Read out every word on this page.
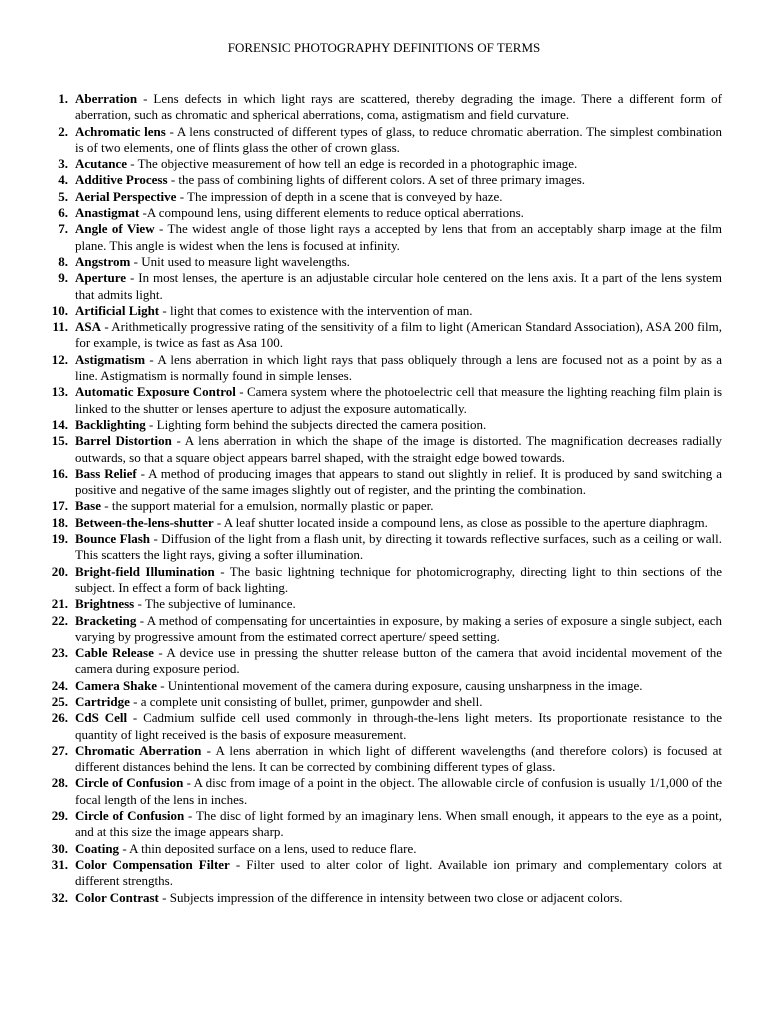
FORENSIC PHOTOGRAPHY DEFINITIONS OF TERMS
1. Aberration - Lens defects in which light rays are scattered, thereby degrading the image. There a different form of aberration, such as chromatic and spherical aberrations, coma, astigmatism and field curvature.
2. Achromatic lens - A lens constructed of different types of glass, to reduce chromatic aberration. The simplest combination is of two elements, one of flints glass the other of crown glass.
3. Acutance - The objective measurement of how tell an edge is recorded in a photographic image.
4. Additive Process - the pass of combining lights of different colors. A set of three primary images.
5. Aerial Perspective - The impression of depth in a scene that is conveyed by haze.
6. Anastigmat -A compound lens, using different elements to reduce optical aberrations.
7. Angle of View - The widest angle of those light rays a accepted by lens that from an acceptably sharp image at the film plane. This angle is widest when the lens is focused at infinity.
8. Angstrom - Unit used to measure light wavelengths.
9. Aperture - In most lenses, the aperture is an adjustable circular hole centered on the lens axis. It a part of the lens system that admits light.
10. Artificial Light - light that comes to existence with the intervention of man.
11. ASA - Arithmetically progressive rating of the sensitivity of a film to light (American Standard Association), ASA 200 film, for example, is twice as fast as Asa 100.
12. Astigmatism - A lens aberration in which light rays that pass obliquely through a lens are focused not as a point by as a line. Astigmatism is normally found in simple lenses.
13. Automatic Exposure Control - Camera system where the photoelectric cell that measure the lighting reaching film plain is linked to the shutter or lenses aperture to adjust the exposure automatically.
14. Backlighting - Lighting form behind the subjects directed the camera position.
15. Barrel Distortion - A lens aberration in which the shape of the image is distorted. The magnification decreases radially outwards, so that a square object appears barrel shaped, with the straight edge bowed towards.
16. Bass Relief - A method of producing images that appears to stand out slightly in relief. It is produced by sand switching a positive and negative of the same images slightly out of register, and the printing the combination.
17. Base - the support material for a emulsion, normally plastic or paper.
18. Between-the-lens-shutter - A leaf shutter located inside a compound lens, as close as possible to the aperture diaphragm.
19. Bounce Flash - Diffusion of the light from a flash unit, by directing it towards reflective surfaces, such as a ceiling or wall. This scatters the light rays, giving a softer illumination.
20. Bright-field Illumination - The basic lightning technique for photomicrography, directing light to thin sections of the subject. In effect a form of back lighting.
21. Brightness - The subjective of luminance.
22. Bracketing - A method of compensating for uncertainties in exposure, by making a series of exposure a single subject, each varying by progressive amount from the estimated correct aperture/ speed setting.
23. Cable Release - A device use in pressing the shutter release button of the camera that avoid incidental movement of the camera during exposure period.
24. Camera Shake - Unintentional movement of the camera during exposure, causing unsharpness in the image.
25. Cartridge - a complete unit consisting of bullet, primer, gunpowder and shell.
26. CdS Cell - Cadmium sulfide cell used commonly in through-the-lens light meters. Its proportionate resistance to the quantity of light received is the basis of exposure measurement.
27. Chromatic Aberration - A lens aberration in which light of different wavelengths (and therefore colors) is focused at different distances behind the lens. It can be corrected by combining different types of glass.
28. Circle of Confusion - A disc from image of a point in the object. The allowable circle of confusion is usually 1/1,000 of the focal length of the lens in inches.
29. Circle of Confusion - The disc of light formed by an imaginary lens. When small enough, it appears to the eye as a point, and at this size the image appears sharp.
30. Coating - A thin deposited surface on a lens, used to reduce flare.
31. Color Compensation Filter - Filter used to alter color of light. Available ion primary and complementary colors at different strengths.
32. Color Contrast - Subjects impression of the difference in intensity between two close or adjacent colors.
